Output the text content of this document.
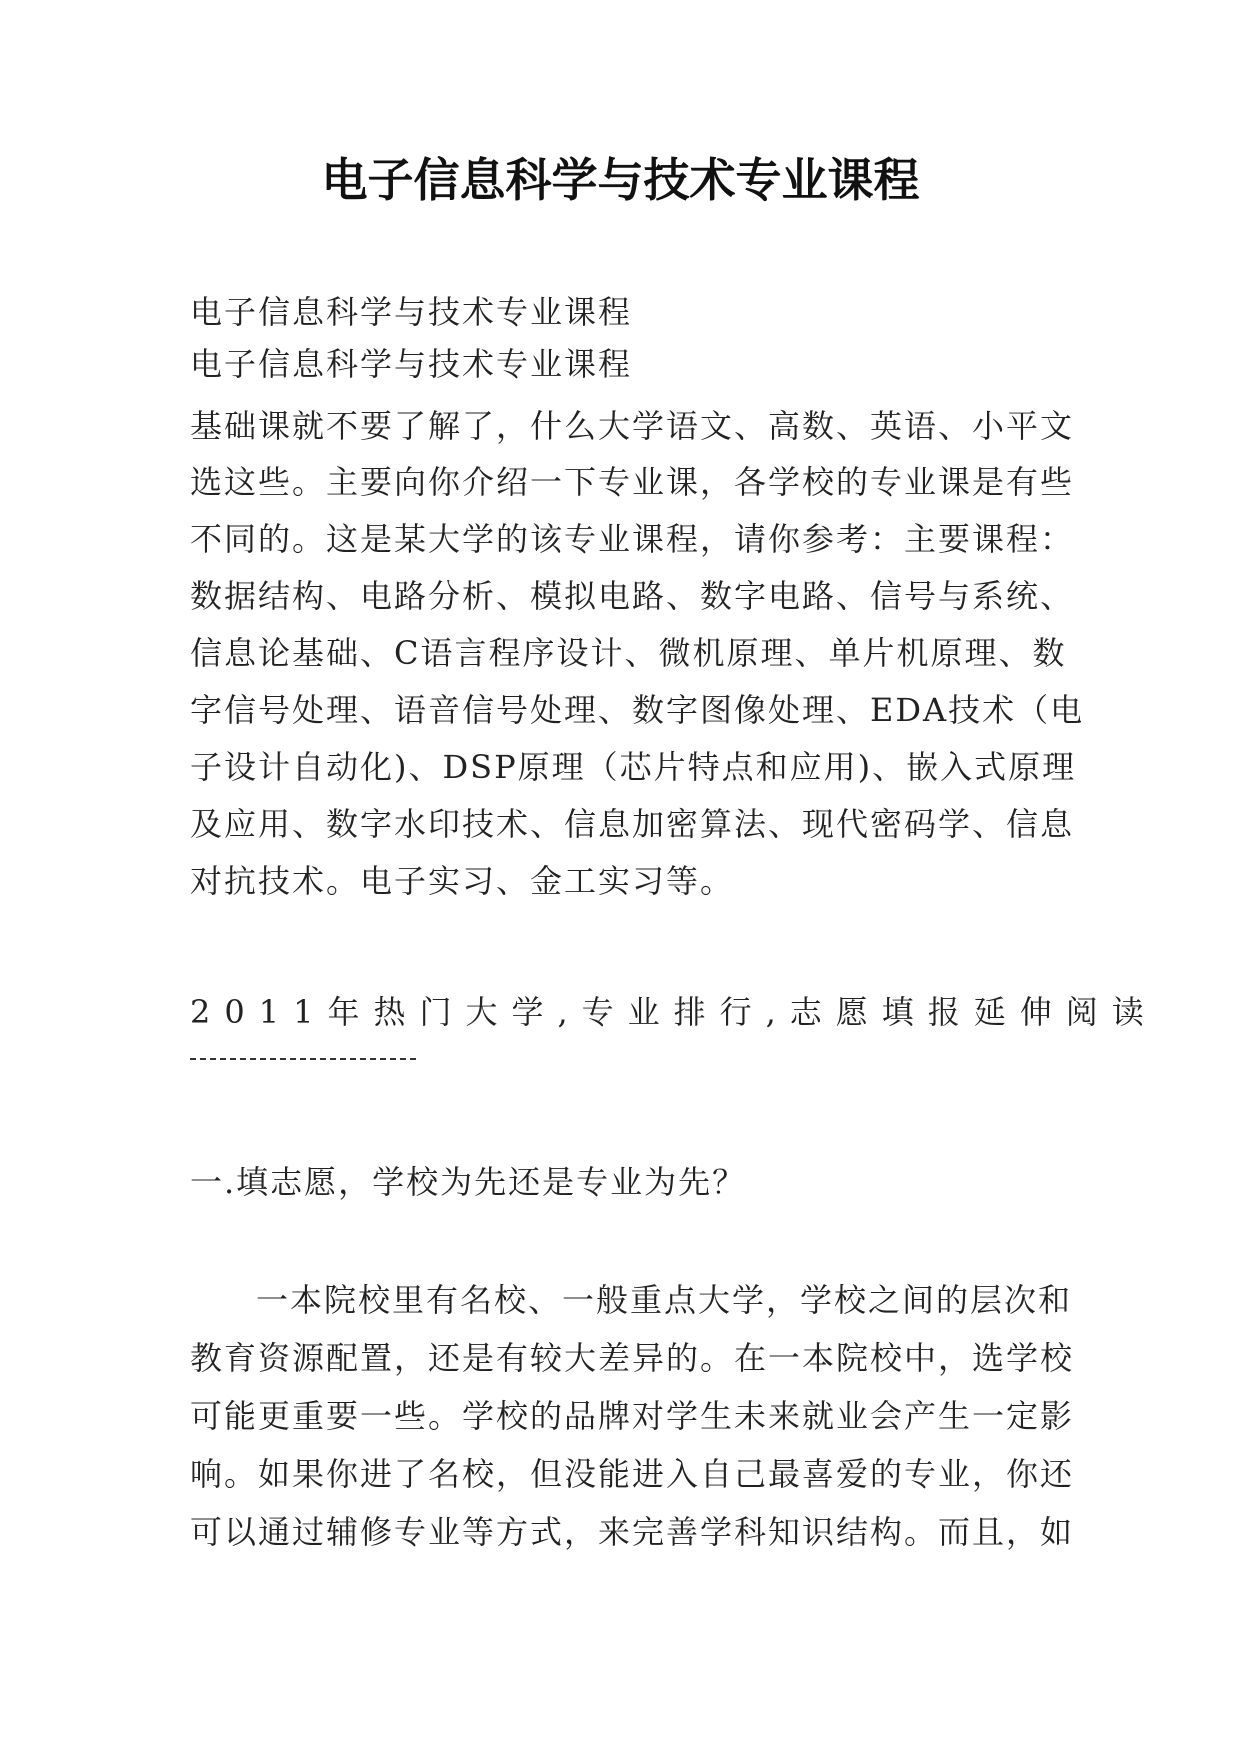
电子信息科学与技术专业课程
电子信息科学与技术专业课程
电子信息科学与技术专业课程
基础课就不要了解了，什么大学语文、高数、英语、小平文
选这些。主要向你介绍一下专业课，各学校的专业课是有些
不同的。这是某大学的该专业课程，请你参考：主要课程：
数据结构、电路分析、模拟电路、数字电路、信号与系统、
信息论基础、C语言程序设计、微机原理、单片机原理、数
字信号处理、语音信号处理、数字图像处理、EDA技术（电
子设计自动化)、DSP原理（芯片特点和应用)、嵌入式原理
及应用、数字水印技术、信息加密算法、现代密码学、信息
对抗技术。电子实习、金工实习等。
2011年热门大学,专业排行,志愿填报延伸阅读
一.填志愿，学校为先还是专业为先？
一本院校里有名校、一般重点大学，学校之间的层次和
教育资源配置，还是有较大差异的。在一本院校中，选学校
可能更重要一些。学校的品牌对学生未来就业会产生一定影
响。如果你进了名校，但没能进入自己最喜爱的专业，你还
可以通过辅修专业等方式，来完善学科知识结构。而且，如
